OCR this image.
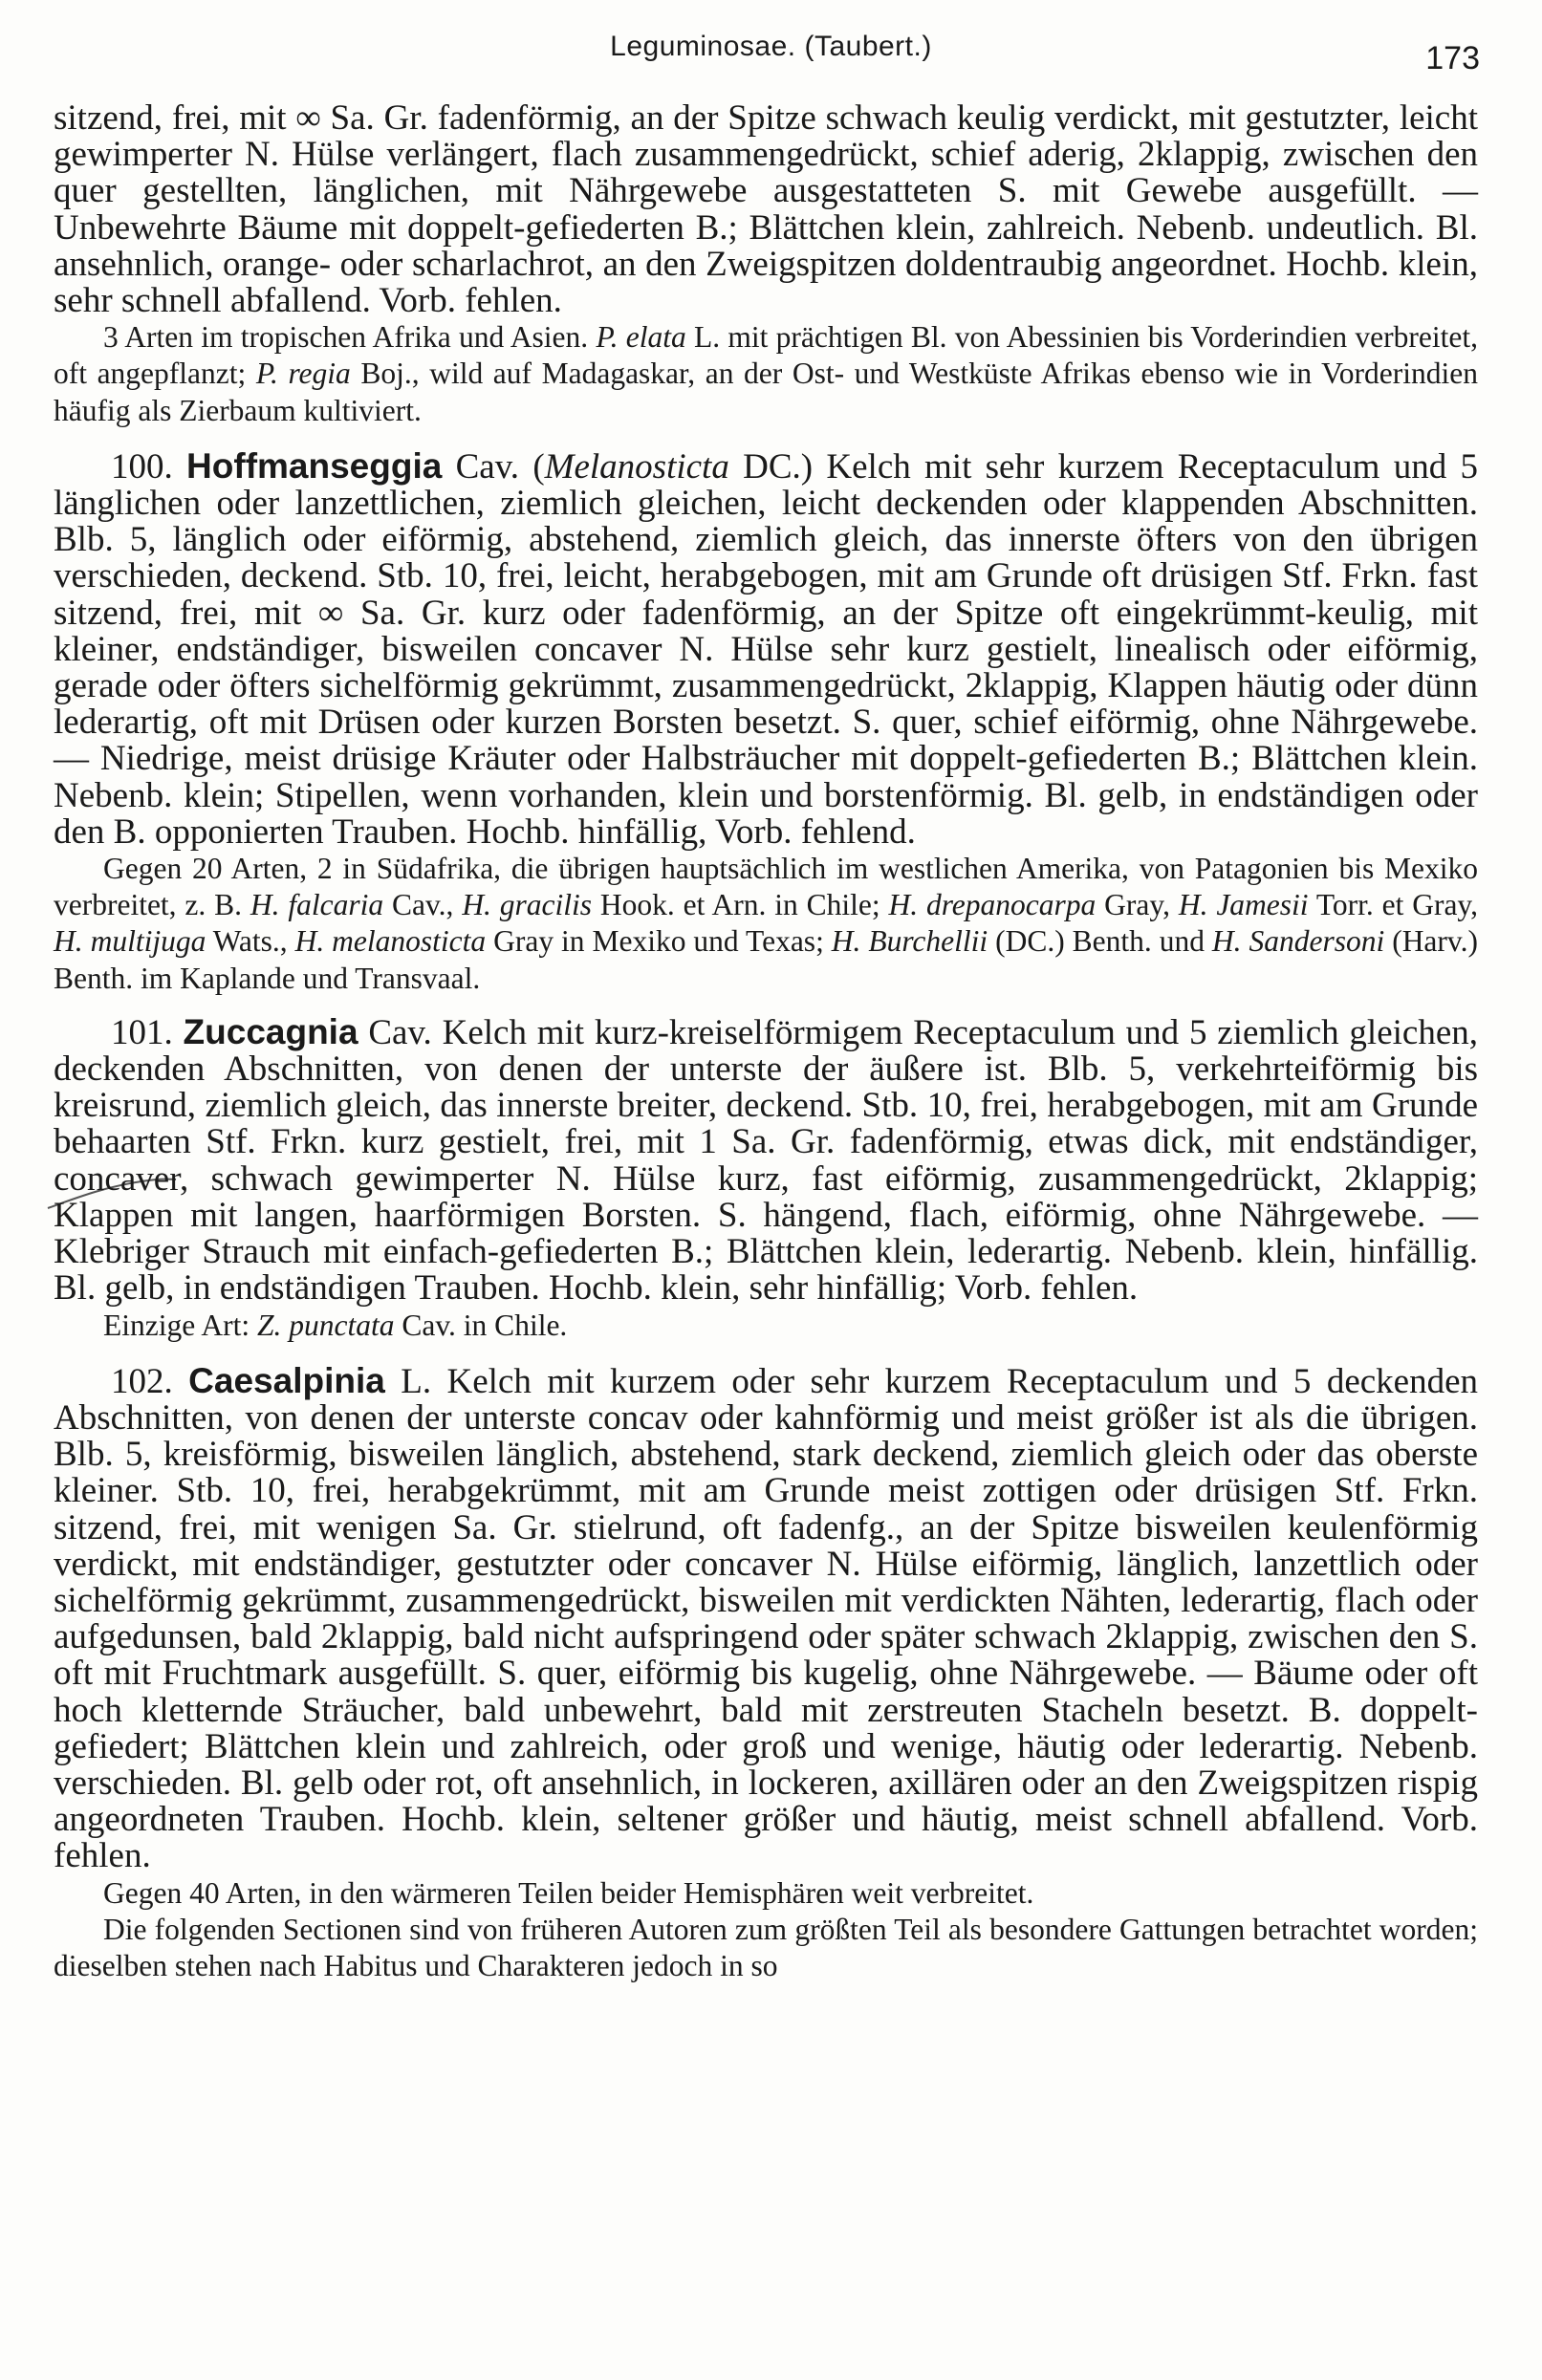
Leguminosae. (Taubert.)	173

sitzend, frei, mit ∞ Sa. Gr. fadenförmig, an der Spitze schwach keulig verdickt, mit gestutzter, leicht gewimperter N. Hülse verlängert, flach zusammengedrückt, schief aderig, 2klappig, zwischen den quer gestellten, länglichen, mit Nährgewebe ausgestatteten S. mit Gewebe ausgefüllt. — Unbewehrte Bäume mit doppelt-gefiederten B.; Blättchen klein, zahlreich. Nebenb. undeutlich. Bl. ansehnlich, orange- oder scharlachrot, an den Zweigspitzen doldentraubig angeordnet. Hochb. klein, sehr schnell abfallend. Vorb. fehlen.

3 Arten im tropischen Afrika und Asien. P. elata L. mit prächtigen Bl. von Abessinien bis Vorderindien verbreitet, oft angepflanzt; P. regia Boj., wild auf Madagaskar, an der Ost- und Westküste Afrikas ebenso wie in Vorderindien häufig als Zierbaum kultiviert.

100. Hoffmanseggia Cav. (Melanosticta DC.) Kelch mit sehr kurzem Receptaculum und 5 länglichen oder lanzettlichen, ziemlich gleichen, leicht deckenden oder klappenden Abschnitten. Blb. 5, länglich oder eiförmig, abstehend, ziemlich gleich, das innerste öfters von den übrigen verschieden, deckend. Stb. 10, frei, leicht, herabgebogen, mit am Grunde oft drüsigen Stf. Frkn. fast sitzend, frei, mit ∞ Sa. Gr. kurz oder fadenförmig, an der Spitze oft eingekrümmt-keulig, mit kleiner, endständiger, bisweilen concaver N. Hülse sehr kurz gestielt, linealisch oder eiförmig, gerade oder öfters sichelförmig gekrümmt, zusammengedrückt, 2klappig, Klappen häutig oder dünn lederartig, oft mit Drüsen oder kurzen Borsten besetzt. S. quer, schief eiförmig, ohne Nährgewebe. — Niedrige, meist drüsige Kräuter oder Halbsträucher mit doppelt-gefiederten B.; Blättchen klein. Nebenb. klein; Stipellen, wenn vorhanden, klein und borstenförmig. Bl. gelb, in endständigen oder den B. opponierten Trauben. Hochb. hinfällig, Vorb. fehlend.

Gegen 20 Arten, 2 in Südafrika, die übrigen hauptsächlich im westlichen Amerika, von Patagonien bis Mexiko verbreitet, z. B. H. falcaria Cav., H. gracilis Hook. et Arn. in Chile; H. drepanocarpa Gray, H. Jamesii Torr. et Gray, H. multijuga Wats., H. melanosticta Gray in Mexiko und Texas; H. Burchellii (DC.) Benth. und H. Sandersoni (Harv.) Benth. im Kaplande und Transvaal.

101. Zuccagnia Cav. Kelch mit kurz-kreiselförmigem Receptaculum und 5 ziemlich gleichen, deckenden Abschnitten, von denen der unterste der äußere ist. Blb. 5, verkehrteiförmig bis kreisrund, ziemlich gleich, das innerste breiter, deckend. Stb. 10, frei, herabgebogen, mit am Grunde behaarten Stf. Frkn. kurz gestielt, frei, mit 1 Sa. Gr. fadenförmig, etwas dick, mit endständiger, concaver, schwach gewimperter N. Hülse kurz, fast eiförmig, zusammengedrückt, 2klappig; Klappen mit langen, haarförmigen Borsten. S. hängend, flach, eiförmig, ohne Nährgewebe. — Klebriger Strauch mit einfach-gefiederten B.; Blättchen klein, lederartig. Nebenb. klein, hinfällig. Bl. gelb, in endständigen Trauben. Hochb. klein, sehr hinfällig; Vorb. fehlen.

Einzige Art: Z. punctata Cav. in Chile.

102. Caesalpinia L. Kelch mit kurzem oder sehr kurzem Receptaculum und 5 deckenden Abschnitten, von denen der unterste concav oder kahnförmig und meist größer ist als die übrigen. Blb. 5, kreisförmig, bisweilen länglich, abstehend, stark deckend, ziemlich gleich oder das oberste kleiner. Stb. 10, frei, herabgekrümmt, mit am Grunde meist zottigen oder drüsigen Stf. Frkn. sitzend, frei, mit wenigen Sa. Gr. stielrund, oft fadenfg., an der Spitze bisweilen keulenförmig verdickt, mit endständiger, gestutzter oder concaver N. Hülse eiförmig, länglich, lanzettlich oder sichelförmig gekrümmt, zusammengedrückt, bisweilen mit verdickten Nähten, lederartig, flach oder aufgedunsen, bald 2klappig, bald nicht aufspringend oder später schwach 2klappig, zwischen den S. oft mit Fruchtmark ausgefüllt. S. quer, eiförmig bis kugelig, ohne Nährgewebe. — Bäume oder oft hoch kletternde Sträucher, bald unbewehrt, bald mit zerstreuten Stacheln besetzt. B. doppelt-gefiedert; Blättchen klein und zahlreich, oder groß und wenige, häutig oder lederartig. Nebenb. verschieden. Bl. gelb oder rot, oft ansehnlich, in lockeren, axillären oder an den Zweigspitzen rispig angeordneten Trauben. Hochb. klein, seltener größer und häutig, meist schnell abfallend. Vorb. fehlen.

Gegen 40 Arten, in den wärmeren Teilen beider Hemisphären weit verbreitet.

Die folgenden Sectionen sind von früheren Autoren zum größten Teil als besondere Gattungen betrachtet worden; dieselben stehen nach Habitus und Charakteren jedoch in so
